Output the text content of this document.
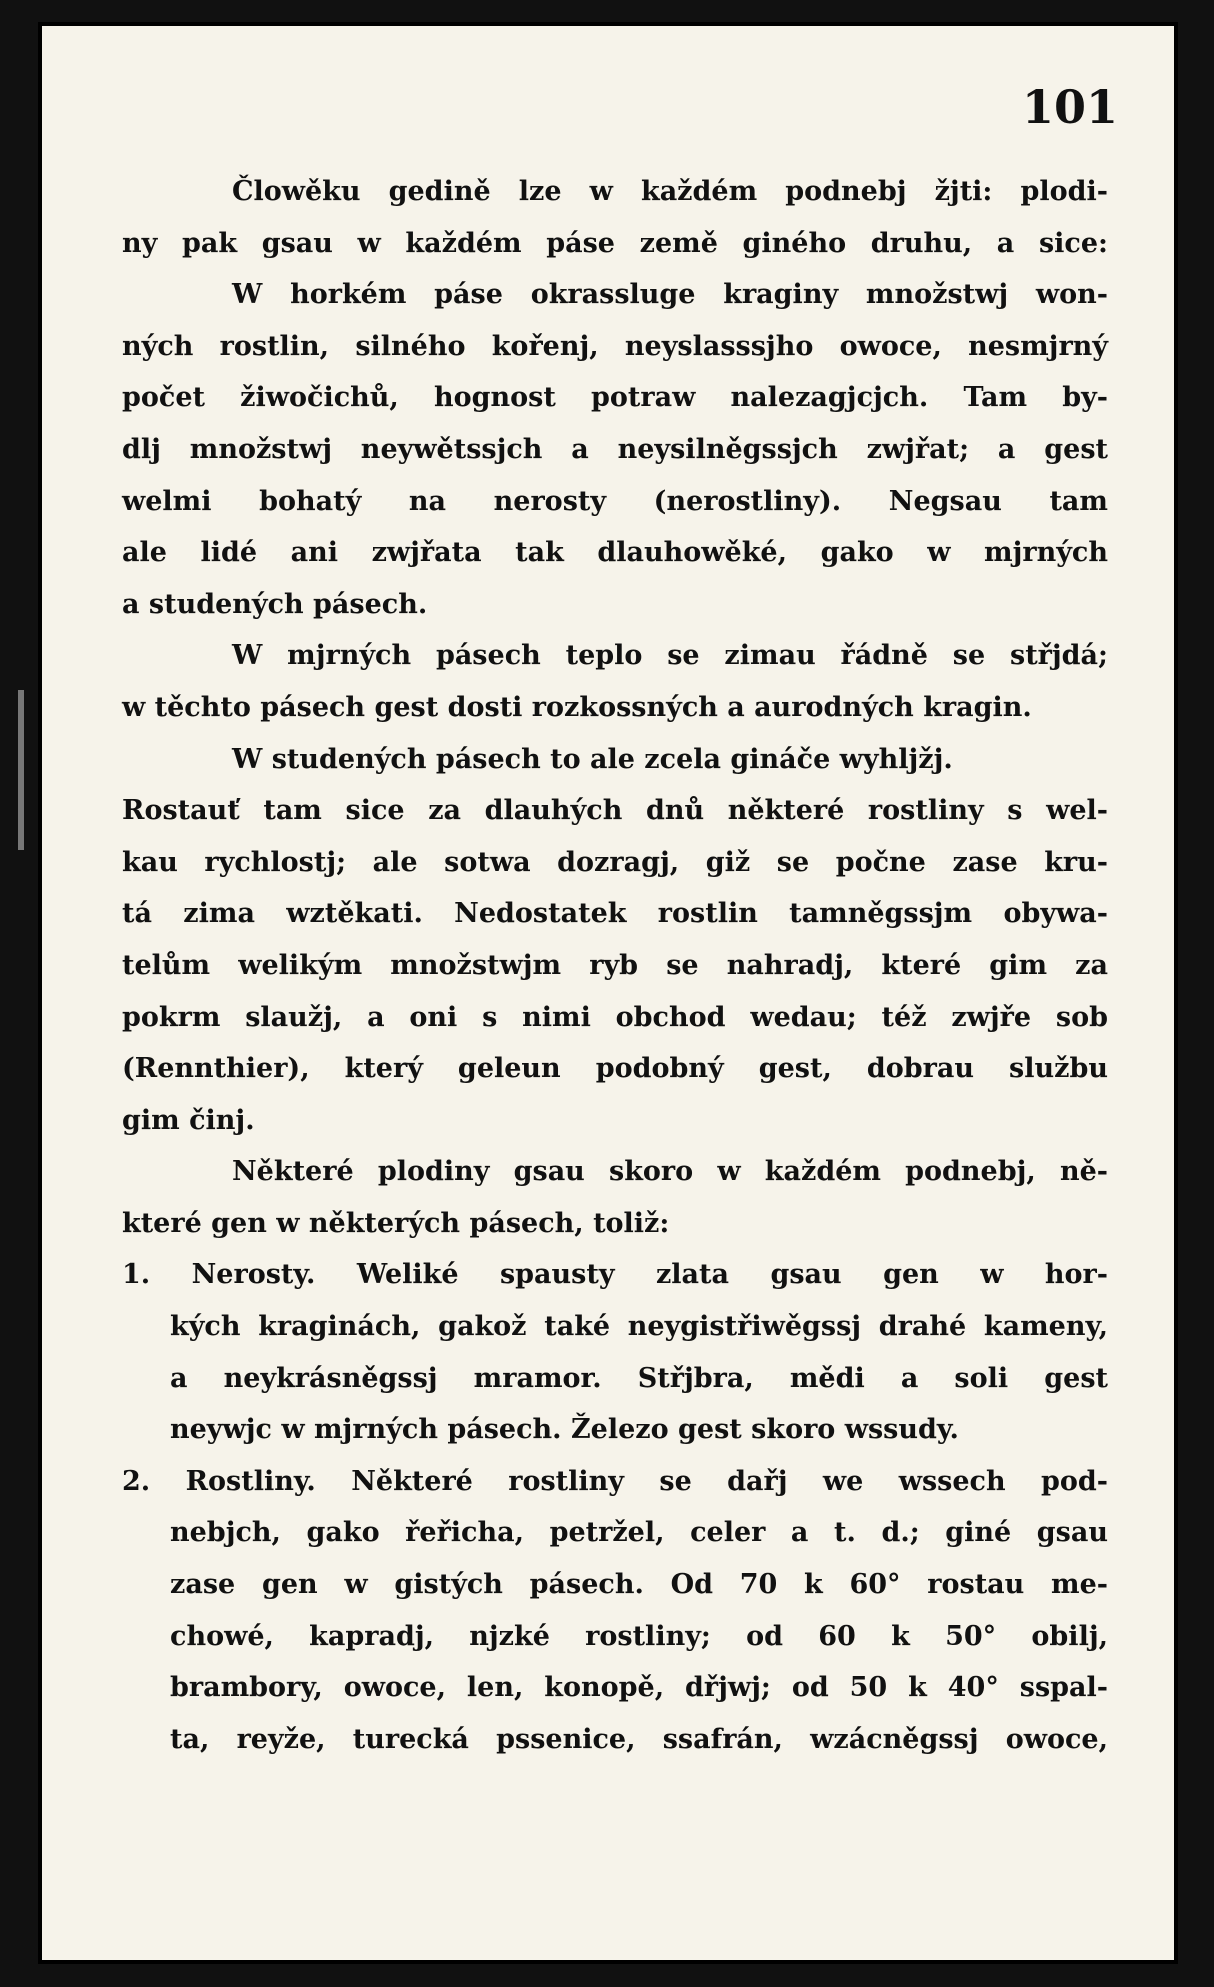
101
Člowěku gedině lze w každém podnebj žjti: plodi-
ny pak gsau w každém páse země giného druhu, a sice:
W horkém páse okrassluge kraginy množstwj won-
ných rostlin, silného kořenj, neyslasssjho owoce, nesmjrný
počet žiwočichů, hognost potraw nalezagjcjch. Tam by-
dlj množstwj neywětssjch a neysilněgssjch zwjřat; a gest
welmi bohatý na nerosty (nerostliny). Negsau tam
ale lidé ani zwjřata tak dlauhowěké, gako w mjrných
a studených pásech.
W mjrných pásech teplo se zimau řádně se střjdá;
w těchto pásech gest dosti rozkossných a aurodných kragin.
W studených pásech to ale zcela gináče wyhljžj.
Rostauť tam sice za dlauhých dnů některé rostliny s wel-
kau rychlostj; ale sotwa dozragj, giž se počne zase kru-
tá zima wztěkati. Nedostatek rostlin tamněgssjm obywa-
telům welikým množstwjm ryb se nahradj, které gim za
pokrm slaužj, a oni s nimi obchod wedau; též zwjře sob
(Rennthier), který geleun podobný gest, dobrau službu
gim činj.
Některé plodiny gsau skoro w každém podnebj, ně-
které gen w některých pásech, toliž:
1. Nerosty. Weliké spausty zlata gsau gen w hor-
kých kraginách, gakož také neygistřiwěgssj drahé kameny,
a neykrásněgssj mramor. Střjbra, mědi a soli gest
neywjc w mjrných pásech. Železo gest skoro wssudy.
2. Rostliny. Některé rostliny se dařj we wssech pod-
nebjch, gako řeřicha, petržel, celer a t. d.; giné gsau
zase gen w gistých pásech. Od 70 k 60° rostau me-
chowé, kapradj, njzké rostliny; od 60 k 50° obilj,
brambory, owoce, len, konopě, dřjwj; od 50 k 40° sspal-
ta, reyže, turecká pssenice, ssafrán, wzácněgssj owoce,
